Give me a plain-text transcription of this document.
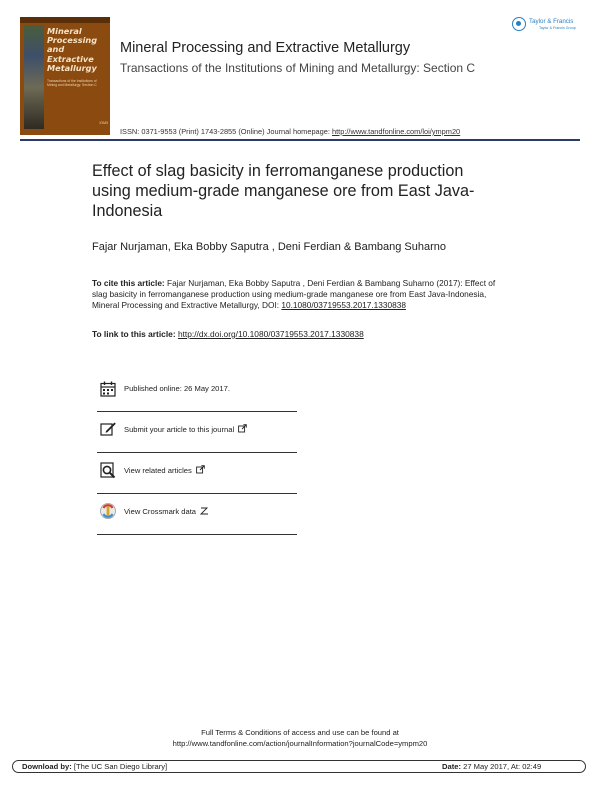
Mineral Processing and Extractive Metallurgy
Transactions of the Institutions of Mining and Metallurgy: Section C
IOM3
Mineral Processing and Extractive Metallurgy
Transactions of the Institutions of Mining and Metallurgy: Section C
ISSN: 0371-9553 (Print) 1743-2855 (Online) Journal homepage: http://www.tandfonline.com/loi/ympm20
Taylor & Francis
Taylor & Francis Group
Effect of slag basicity in ferromanganese production using medium-grade manganese ore from East Java-Indonesia
Fajar Nurjaman, Eka Bobby Saputra , Deni Ferdian & Bambang Suharno
To cite this article: Fajar Nurjaman, Eka Bobby Saputra , Deni Ferdian & Bambang Suharno (2017): Effect of slag basicity in ferromanganese production using medium-grade manganese ore from East Java-Indonesia, Mineral Processing and Extractive Metallurgy, DOI: 10.1080/03719553.2017.1330838
To link to this article: http://dx.doi.org/10.1080/03719553.2017.1330838
Published online: 26 May 2017.
Submit your article to this journal
View related articles
View Crossmark data
Full Terms & Conditions of access and use can be found at
http://www.tandfonline.com/action/journalInformation?journalCode=ympm20
Download by: [The UC San Diego Library]	Date: 27 May 2017, At: 02:49
